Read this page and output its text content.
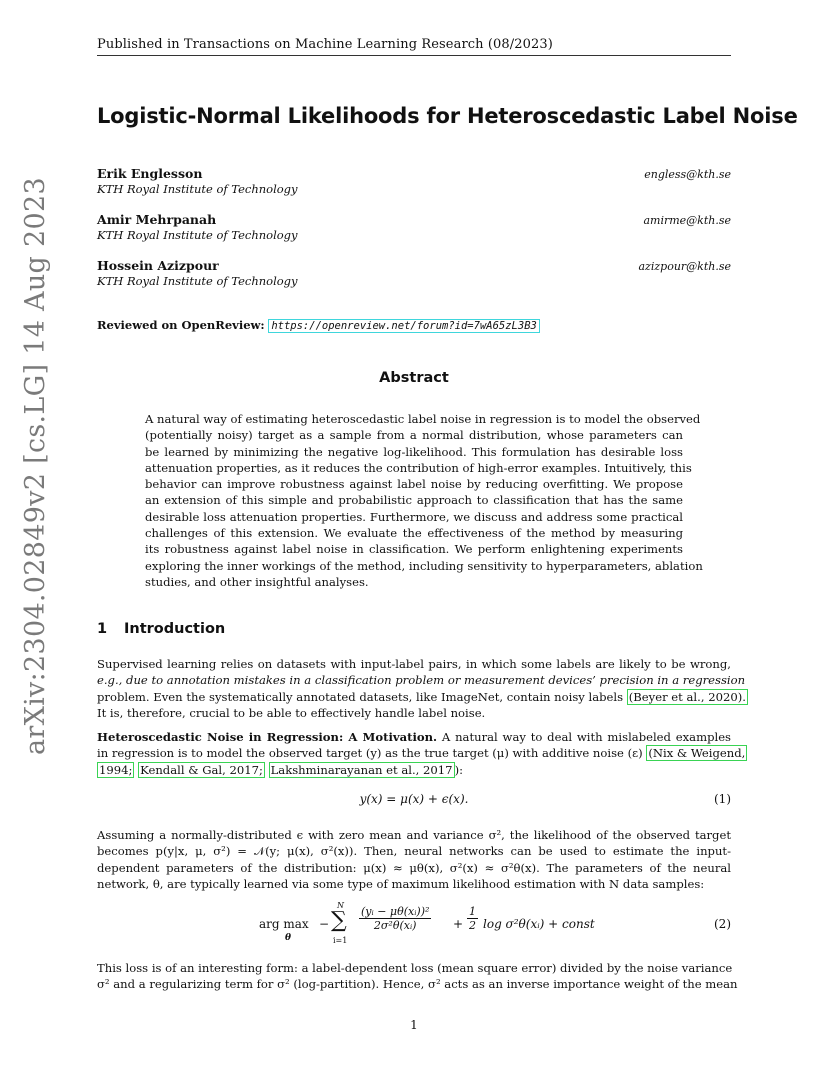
Published in Transactions on Machine Learning Research (08/2023)
arXiv:2304.02849v2 [cs.LG] 14 Aug 2023
Logistic-Normal Likelihoods for Heteroscedastic Label Noise
Erik Englesson
KTH Royal Institute of Technology
engless@kth.se
Amir Mehrpanah
KTH Royal Institute of Technology
amirme@kth.se
Hossein Azizpour
KTH Royal Institute of Technology
azizpour@kth.se
Reviewed on OpenReview: https://openreview.net/forum?id=7wA65zL3B3
Abstract
A natural way of estimating heteroscedastic label noise in regression is to model the observed
(potentially noisy) target as a sample from a normal distribution, whose parameters can
be learned by minimizing the negative log-likelihood. This formulation has desirable loss
attenuation properties, as it reduces the contribution of high-error examples. Intuitively, this
behavior can improve robustness against label noise by reducing overfitting. We propose
an extension of this simple and probabilistic approach to classification that has the same
desirable loss attenuation properties. Furthermore, we discuss and address some practical
challenges of this extension. We evaluate the effectiveness of the method by measuring
its robustness against label noise in classification. We perform enlightening experiments
exploring the inner workings of the method, including sensitivity to hyperparameters, ablation
studies, and other insightful analyses.
1 Introduction
Supervised learning relies on datasets with input-label pairs, in which some labels are likely to be wrong,
e.g., due to annotation mistakes in a classification problem or measurement devices’ precision in a regression
problem. Even the systematically annotated datasets, like ImageNet, contain noisy labels (Beyer et al., 2020).
It is, therefore, crucial to be able to effectively handle label noise.
Heteroscedastic Noise in Regression: A Motivation. A natural way to deal with mislabeled examples
in regression is to model the observed target (y) as the true target (μ) with additive noise (ε) (Nix & Weigend,
1994; Kendall & Gal, 2017; Lakshminarayanan et al., 2017 ):
y(x) = μ(x) + ϵ(x).	(1)
Assuming a normally-distributed ϵ with zero mean and variance σ², the likelihood of the observed target
becomes p(y|x, μ, σ²) = 𝒩(y; μ(x), σ²(x)). Then, neural networks can be used to estimate the input-
dependent parameters of the distribution: μ(x) ≈ μθ(x), σ²(x) ≈ σ²θ(x). The parameters of the neural
network, θ, are typically learned via some type of maximum likelihood estimation with N data samples:
arg max
θ
−
N
∑
i=1
$\frac{\text{(yᵢ − μθ(xᵢ))²}}{\text{2σ²θ(xᵢ)}} + \frac{1}{2}$ log σ²θ(xᵢ) + const	(2)
This loss is of an interesting form: a label-dependent loss (mean square error) divided by the noise variance
σ² and a regularizing term for σ² (log-partition). Hence, σ² acts as an inverse importance weight of the mean
1
